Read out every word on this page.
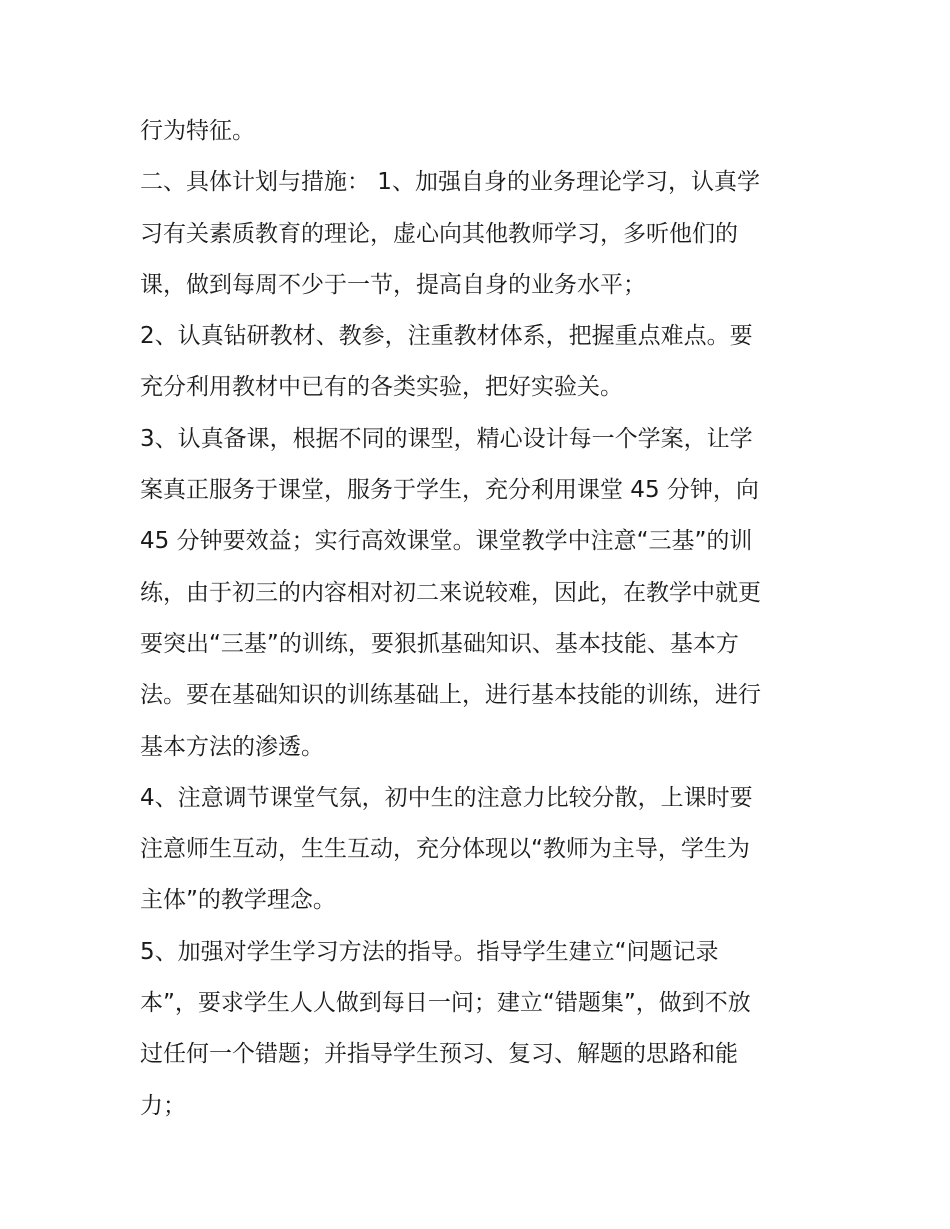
行为特征。
二、具体计划与措施： 1、加强自身的业务理论学习，认真学
习有关素质教育的理论，虚心向其他教师学习，多听他们的
课，做到每周不少于一节，提高自身的业务水平；
2、认真钻研教材、教参，注重教材体系，把握重点难点。要
充分利用教材中已有的各类实验，把好实验关。
3、认真备课，根据不同的课型，精心设计每一个学案，让学
案真正服务于课堂，服务于学生，充分利用课堂 45 分钟，向
45 分钟要效益；实行高效课堂。课堂教学中注意“三基”的训
练，由于初三的内容相对初二来说较难，因此，在教学中就更
要突出“三基”的训练，要狠抓基础知识、基本技能、基本方
法。要在基础知识的训练基础上，进行基本技能的训练，进行
基本方法的渗透。
4、注意调节课堂气氛，初中生的注意力比较分散，上课时要
注意师生互动，生生互动，充分体现以“教师为主导，学生为
主体”的教学理念。
5、加强对学生学习方法的指导。指导学生建立“问题记录
本”，要求学生人人做到每日一问；建立“错题集”，做到不放
过任何一个错题；并指导学生预习、复习、解题的思路和能
力；
